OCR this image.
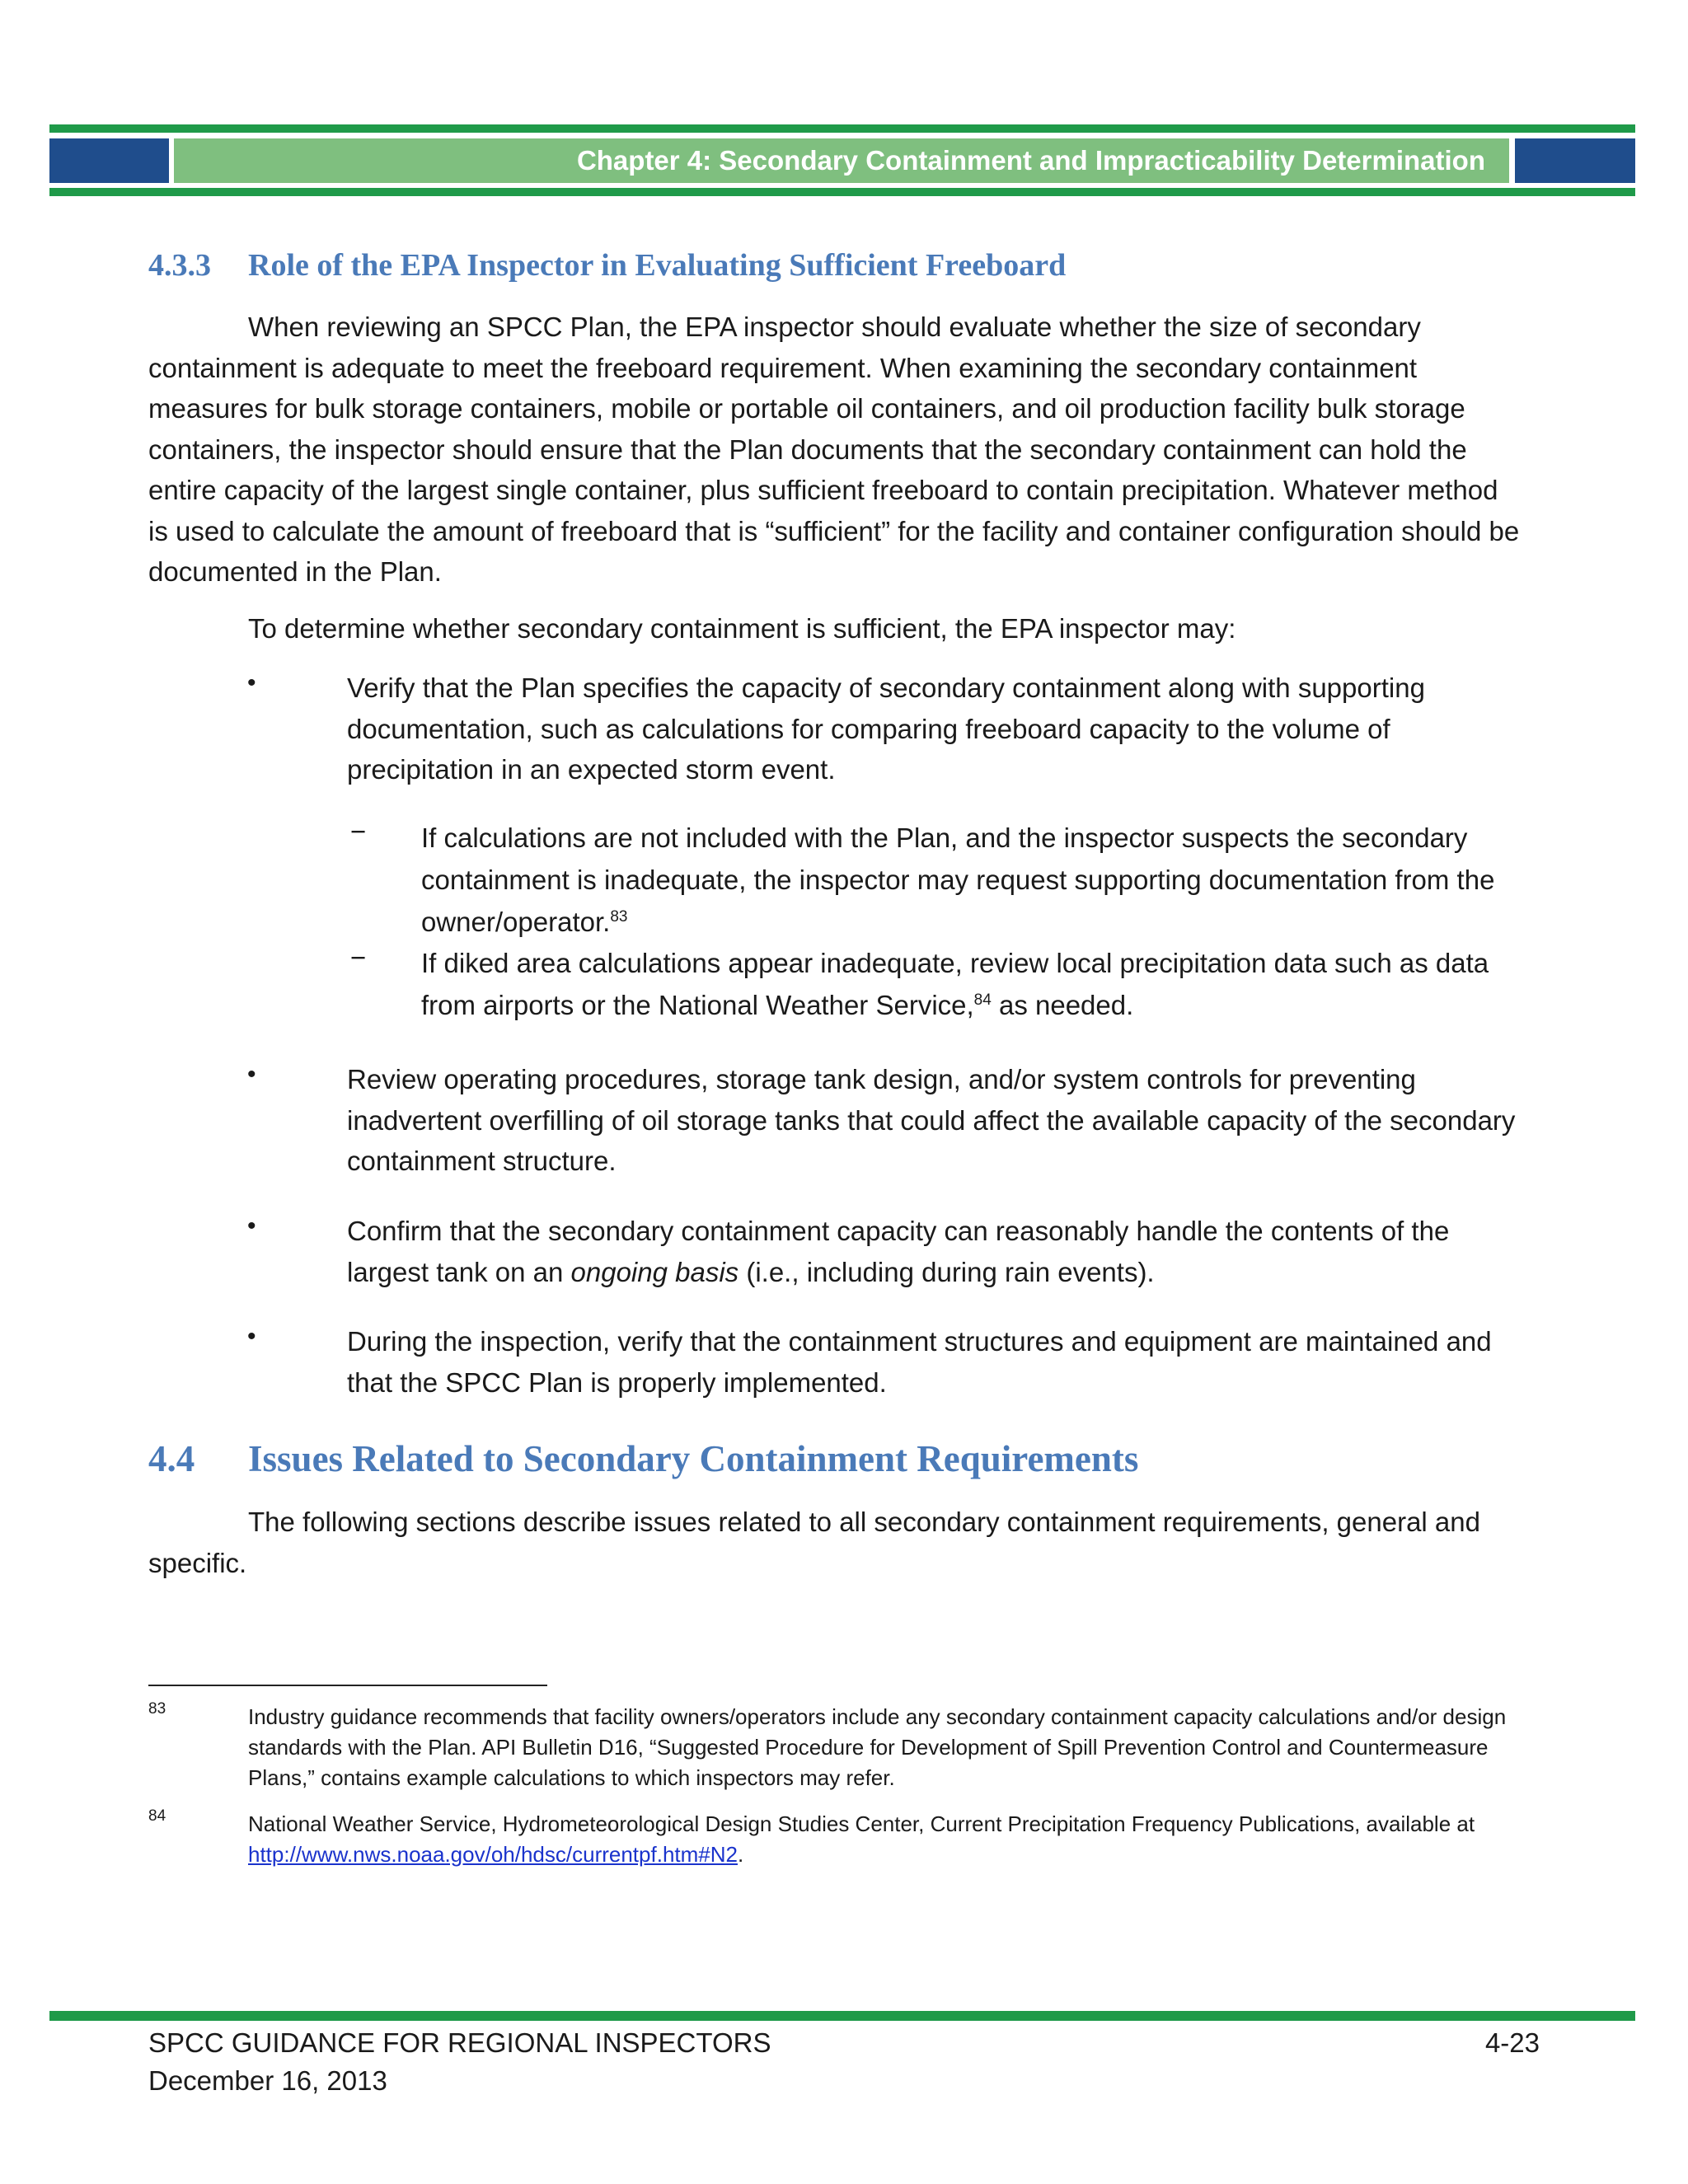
Chapter 4: Secondary Containment and Impracticability Determination
4.3.3 Role of the EPA Inspector in Evaluating Sufficient Freeboard
When reviewing an SPCC Plan, the EPA inspector should evaluate whether the size of secondary containment is adequate to meet the freeboard requirement. When examining the secondary containment measures for bulk storage containers, mobile or portable oil containers, and oil production facility bulk storage containers, the inspector should ensure that the Plan documents that the secondary containment can hold the entire capacity of the largest single container, plus sufficient freeboard to contain precipitation. Whatever method is used to calculate the amount of freeboard that is “sufficient” for the facility and container configuration should be documented in the Plan.
To determine whether secondary containment is sufficient, the EPA inspector may:
•	Verify that the Plan specifies the capacity of secondary containment along with supporting documentation, such as calculations for comparing freeboard capacity to the volume of precipitation in an expected storm event.
− If calculations are not included with the Plan, and the inspector suspects the secondary containment is inadequate, the inspector may request supporting documentation from the owner/operator.$^{83}$
− If diked area calculations appear inadequate, review local precipitation data such as data from airports or the National Weather Service,$^{84}$ as needed.
•	Review operating procedures, storage tank design, and/or system controls for preventing inadvertent overfilling of oil storage tanks that could affect the available capacity of the secondary containment structure.
•	Confirm that the secondary containment capacity can reasonably handle the contents of the largest tank on an ongoing basis (i.e., including during rain events).
•	During the inspection, verify that the containment structures and equipment are maintained and that the SPCC Plan is properly implemented.
4.4 Issues Related to Secondary Containment Requirements
The following sections describe issues related to all secondary containment requirements, general and specific.
83	Industry guidance recommends that facility owners/operators include any secondary containment capacity calculations and/or design standards with the Plan. API Bulletin D16, “Suggested Procedure for Development of Spill Prevention Control and Countermeasure Plans,” contains example calculations to which inspectors may refer.
84	National Weather Service, Hydrometeorological Design Studies Center, Current Precipitation Frequency Publications, available at http://www.nws.noaa.gov/oh/hdsc/currentpf.htm#N2.
SPCC GUIDANCE FOR REGIONAL INSPECTORS	4-23
December 16, 2013
